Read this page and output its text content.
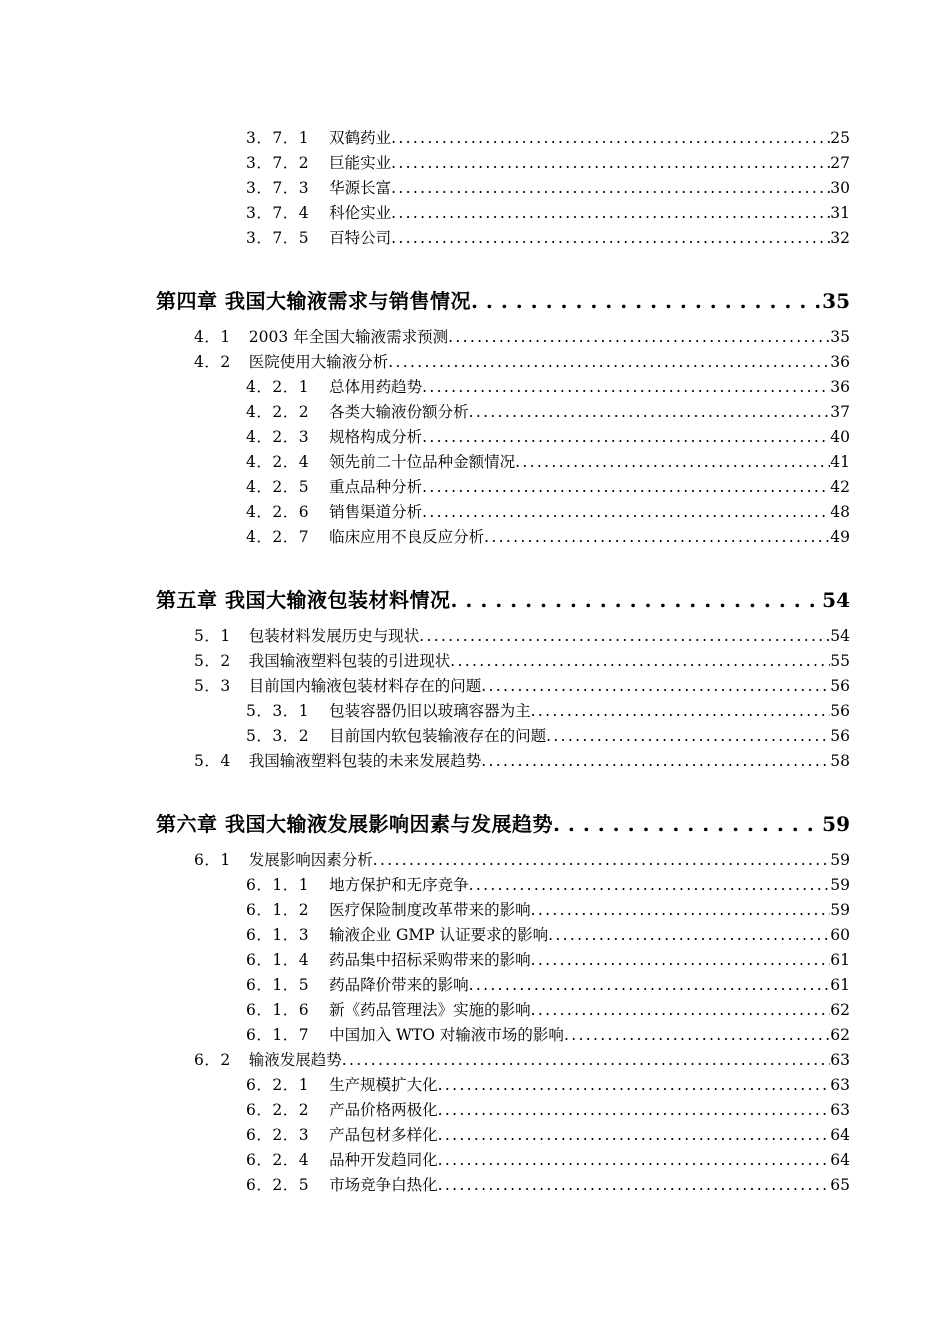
3．7．1 双鹤药业 . . .	25
3．7．2 巨能实业 . . .	27
3．7．3 华源长富 . . .	30
3．7．4 科伦实业 . . .	31
3．7．5 百特公司 . . .	32
第四章 我国大输液需求与销售情况 . . .	35
4．1 2003 年全国大输液需求预测 . . .	35
4．2 医院使用大输液分析 . . .	36
4．2．1 总体用药趋势 . . .	36
4．2．2 各类大输液份额分析 . . .	37
4．2．3 规格构成分析 . . .	40
4．2．4 领先前二十位品种金额情况 . . .	41
4．2．5 重点品种分析 . . .	42
4．2．6 销售渠道分析 . . .	48
4．2．7 临床应用不良反应分析 . . .	49
第五章 我国大输液包装材料情况 . . .	54
5．1 包装材料发展历史与现状 . . .	54
5．2 我国输液塑料包装的引进现状 . . .	55
5．3 目前国内输液包装材料存在的问题 . . .	56
5．3．1 包装容器仍旧以玻璃容器为主 . . .	56
5．3．2 目前国内软包装输液存在的问题 . . .	56
5．4 我国输液塑料包装的未来发展趋势 . . .	58
第六章 我国大输液发展影响因素与发展趋势 . . .	59
6．1 发展影响因素分析 . . .	59
6．1．1 地方保护和无序竞争 . . .	59
6．1．2 医疗保险制度改革带来的影响 . . .	59
6．1．3 输液企业 GMP 认证要求的影响 . . .	60
6．1．4 药品集中招标采购带来的影响 . . .	61
6．1．5 药品降价带来的影响 . . .	61
6．1．6 新《药品管理法》实施的影响 . . .	62
6．1．7 中国加入 WTO 对输液市场的影响 . . .	62
6．2 输液发展趋势 . . .	63
6．2．1 生产规模扩大化 . . .	63
6．2．2 产品价格两极化 . . .	63
6．2．3 产品包材多样化 . . .	64
6．2．4 品种开发趋同化 . . .	64
6．2．5 市场竞争白热化 . . .	65
